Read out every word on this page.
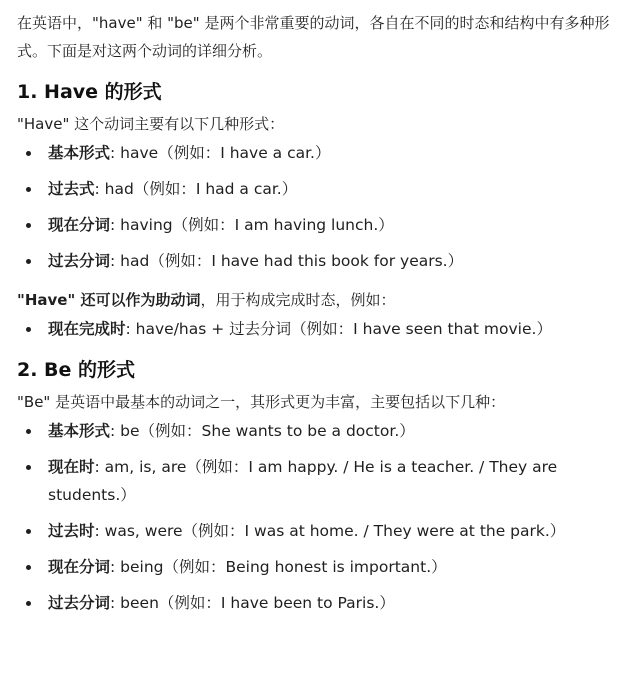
在英语中，"have" 和 "be" 是两个非常重要的动词，各自在不同的时态和结构中有多种形式。下面是对这两个动词的详细分析。

1. Have 的形式

"Have" 这个动词主要有以下几种形式：

基本形式: have（例如：I have a car.）
过去式: had（例如：I had a car.）
现在分词: having（例如：I am having lunch.）
过去分词: had（例如：I have had this book for years.）

"Have" 还可以作为助动词，用于构成完成时态，例如：

现在完成时: have/has + 过去分词（例如：I have seen that movie.）
2. Be 的形式

"Be" 是英语中最基本的动词之一，其形式更为丰富，主要包括以下几种：

基本形式: be（例如：She wants to be a doctor.）
现在时: am, is, are（例如：I am happy. / He is a teacher. / They are students.）
过去时: was, were（例如：I was at home. / They were at the park.）
现在分词: being（例如：Being honest is important.）
过去分词: been（例如：I have been to Paris.）
